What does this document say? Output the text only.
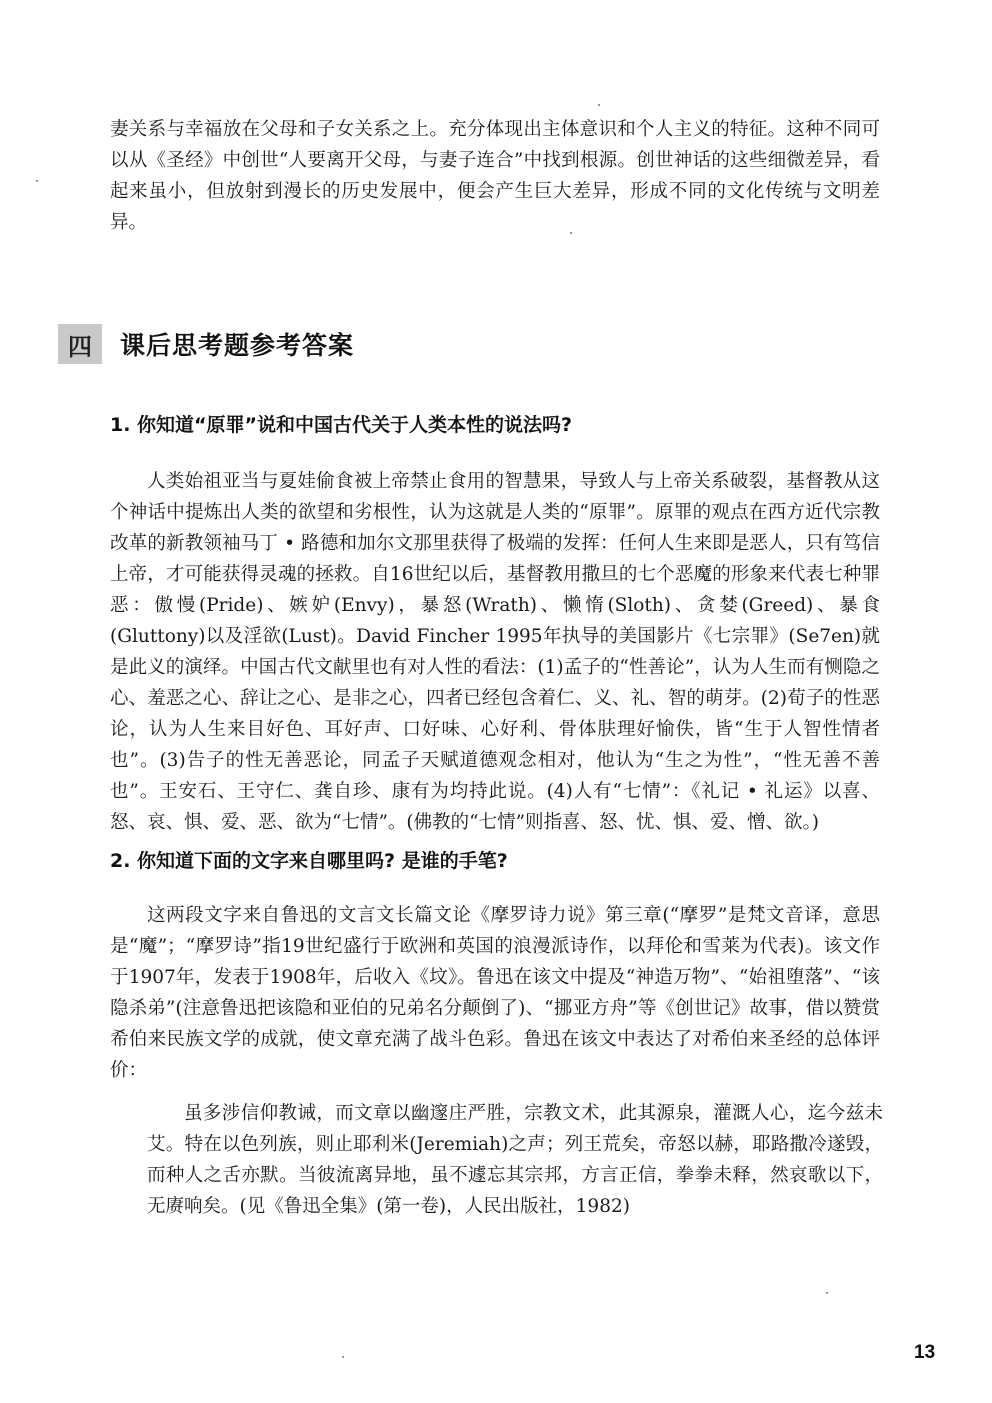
妻关系与幸福放在父母和子女关系之上。充分体现出主体意识和个人主义的特征。这种不同可以从《圣经》中创世“人要离开父母，与妻子连合”中找到根源。创世神话的这些细微差异，看起来虽小，但放射到漫长的历史发展中，便会产生巨大差异，形成不同的文化传统与文明差异。

四	课后思考题参考答案

1. 你知道“原罪”说和中国古代关于人类本性的说法吗?

人类始祖亚当与夏娃偷食被上帝禁止食用的智慧果，导致人与上帝关系破裂，基督教从这个神话中提炼出人类的欲望和劣根性，认为这就是人类的“原罪”。原罪的观点在西方近代宗教改革的新教领袖马丁 • 路德和加尔文那里获得了极端的发挥：任何人生来即是恶人，只有笃信上帝，才可能获得灵魂的拯救。自16世纪以后，基督教用撒旦的七个恶魔的形象来代表七种罪恶：傲慢(Pride)、嫉妒(Envy)，暴怒(Wrath)、懒惰(Sloth)、贪婪(Greed)、暴食(Gluttony)以及淫欲(Lust)。David Fincher 1995年执导的美国影片《七宗罪》(Se7en)就是此义的演绎。中国古代文献里也有对人性的看法：(1)孟子的“性善论”，认为人生而有恻隐之心、羞恶之心、辞让之心、是非之心，四者已经包含着仁、义、礼、智的萌芽。(2)荀子的性恶论，认为人生来目好色、耳好声、口好味、心好利、骨体肤理好愉佚，皆“生于人智性情者也”。(3)告子的性无善恶论，同孟子天赋道德观念相对，他认为“生之为性”，“性无善不善也”。王安石、王守仁、龚自珍、康有为均持此说。(4)人有“七情”：《礼记 • 礼运》以喜、怒、哀、惧、爱、恶、欲为“七情”。(佛教的“七情”则指喜、怒、忧、惧、爱、憎、欲。)

2. 你知道下面的文字来自哪里吗? 是谁的手笔?

这两段文字来自鲁迅的文言文长篇文论《摩罗诗力说》第三章(“摩罗”是梵文音译，意思是“魔”；“摩罗诗”指19世纪盛行于欧洲和英国的浪漫派诗作，以拜伦和雪莱为代表)。该文作于1907年，发表于1908年，后收入《坟》。鲁迅在该文中提及“神造万物”、“始祖堕落”、“该隐杀弟”(注意鲁迅把该隐和亚伯的兄弟名分颠倒了)、“挪亚方舟”等《创世记》故事，借以赞赏希伯来民族文学的成就，使文章充满了战斗色彩。鲁迅在该文中表达了对希伯来圣经的总体评价：

虽多涉信仰教诫，而文章以幽邃庄严胜，宗教文术，此其源泉，灌溉人心，迄今兹未艾。特在以色列族，则止耶利米(Jeremiah)之声；列王荒矣，帝怒以赫，耶路撒冷遂毁，而种人之舌亦默。当彼流离异地，虽不遽忘其宗邦，方言正信，拳拳未释，然哀歌以下，无赓响矣。(见《鲁迅全集》(第一卷)，人民出版社，1982)

13
